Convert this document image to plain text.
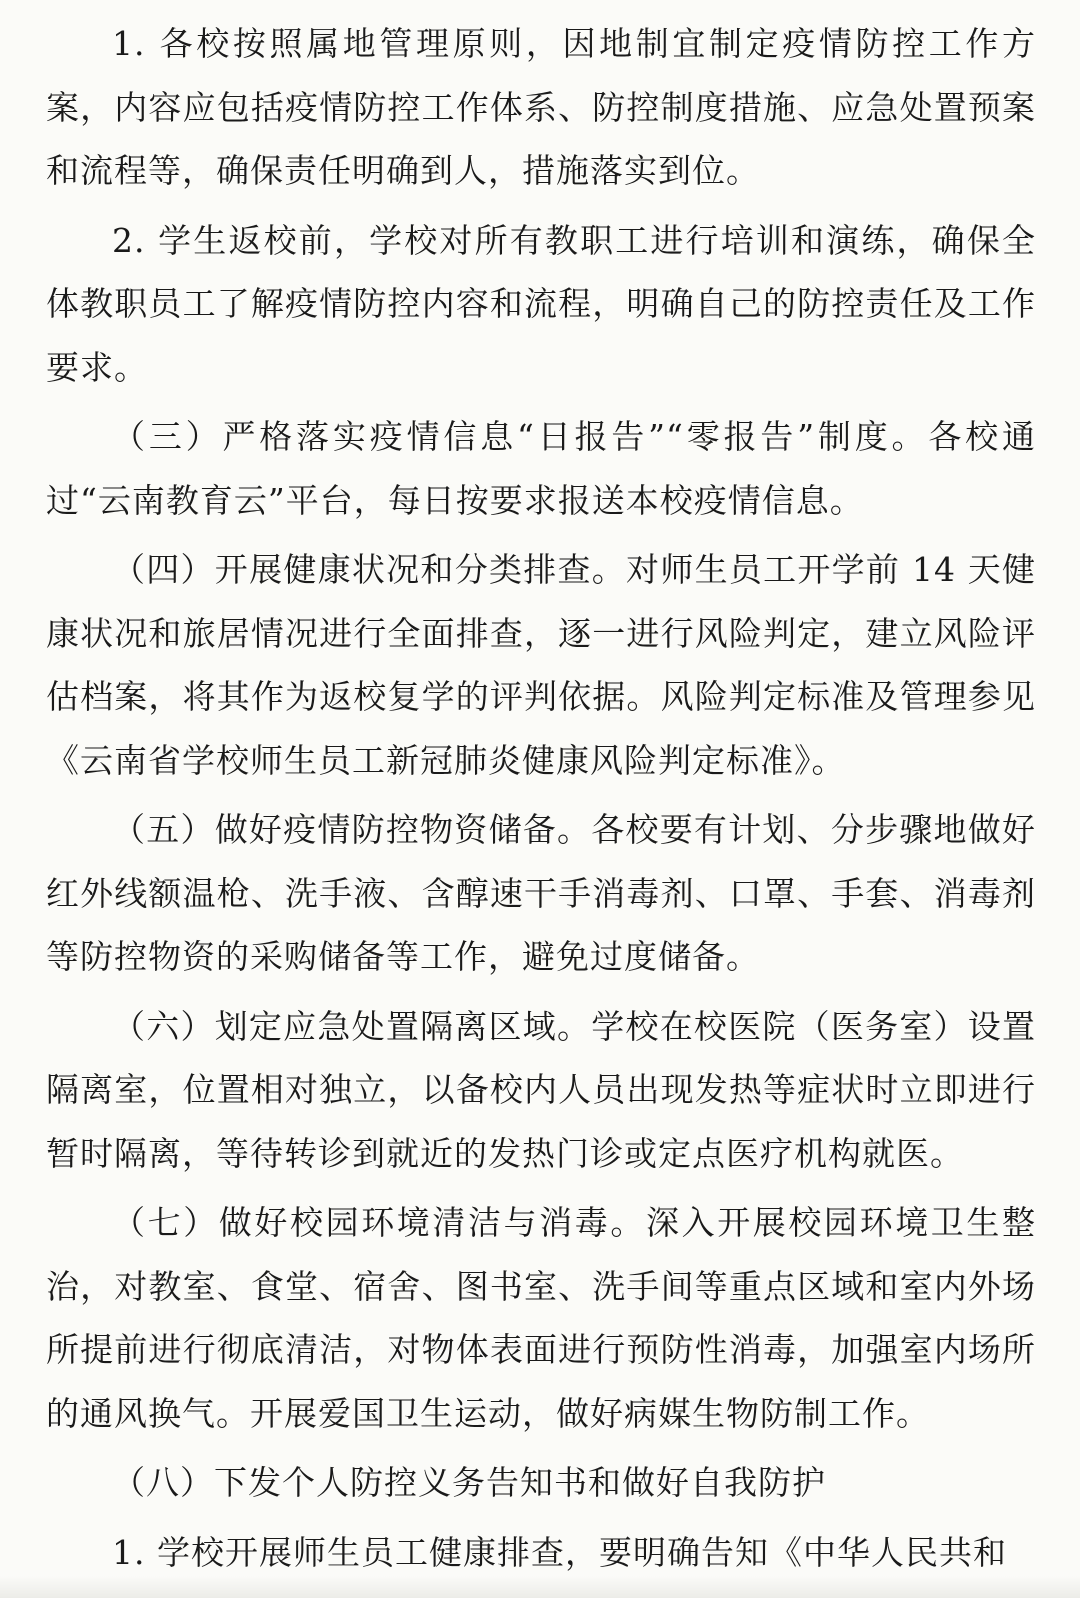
1. 各校按照属地管理原则，因地制宜制定疫情防控工作方案，内容应包括疫情防控工作体系、防控制度措施、应急处置预案和流程等，确保责任明确到人，措施落实到位。

2. 学生返校前，学校对所有教职工进行培训和演练，确保全体教职员工了解疫情防控内容和流程，明确自己的防控责任及工作要求。

（三）严格落实疫情信息“日报告”“零报告”制度。各校通过“云南教育云”平台，每日按要求报送本校疫情信息。

（四）开展健康状况和分类排查。对师生员工开学前 14 天健康状况和旅居情况进行全面排查，逐一进行风险判定，建立风险评估档案，将其作为返校复学的评判依据。风险判定标准及管理参见《云南省学校师生员工新冠肺炎健康风险判定标准》。

（五）做好疫情防控物资储备。各校要有计划、分步骤地做好红外线额温枪、洗手液、含醇速干手消毒剂、口罩、手套、消毒剂等防控物资的采购储备等工作，避免过度储备。

（六）划定应急处置隔离区域。学校在校医院（医务室）设置隔离室，位置相对独立，以备校内人员出现发热等症状时立即进行暂时隔离，等待转诊到就近的发热门诊或定点医疗机构就医。

（七）做好校园环境清洁与消毒。深入开展校园环境卫生整治，对教室、食堂、宿舍、图书室、洗手间等重点区域和室内外场所提前进行彻底清洁，对物体表面进行预防性消毒，加强室内场所的通风换气。开展爱国卫生运动，做好病媒生物防制工作。

（八）下发个人防控义务告知书和做好自我防护

1. 学校开展师生员工健康排查，要明确告知《中华人民共和
